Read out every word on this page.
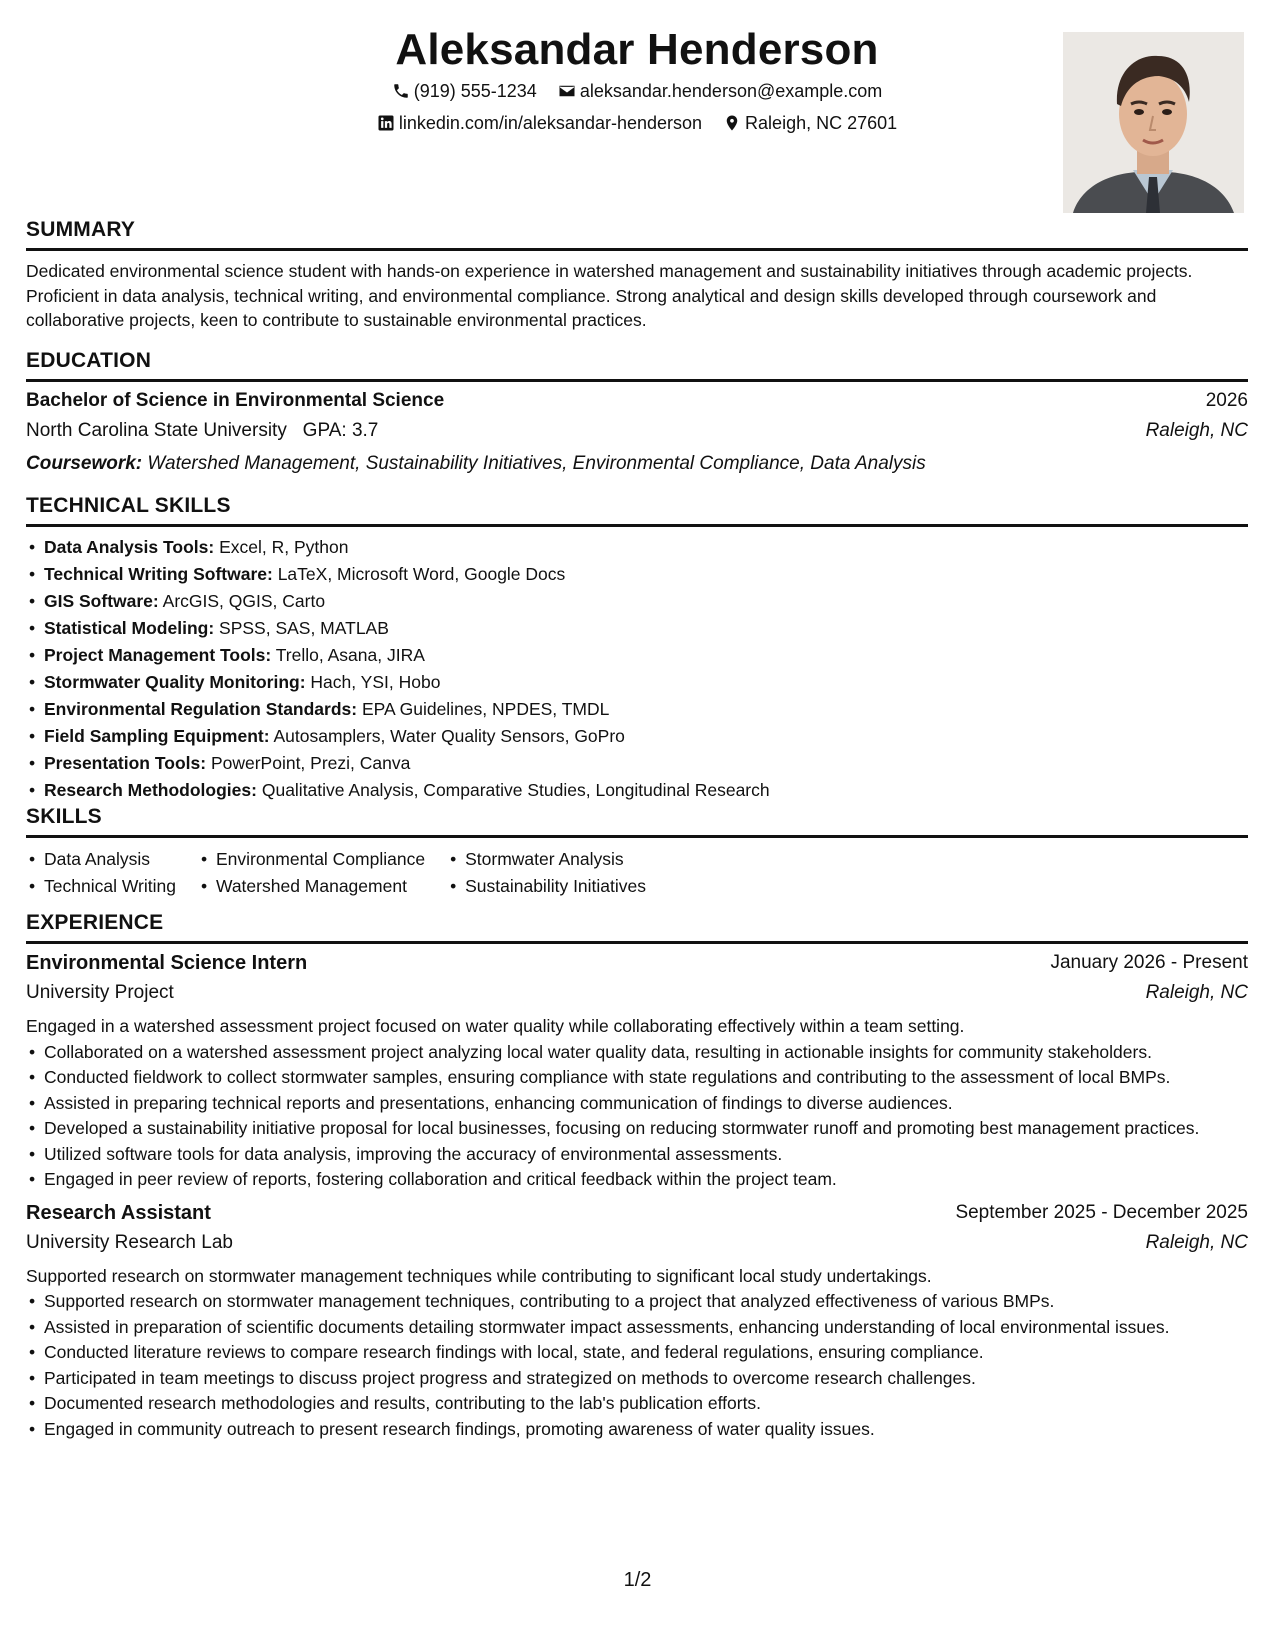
Aleksandar Henderson
(919) 555-1234
aleksandar.henderson@example.com
linkedin.com/in/aleksandar-henderson
Raleigh, NC 27601
SUMMARY
Dedicated environmental science student with hands-on experience in watershed management and sustainability initiatives through academic projects. Proficient in data analysis, technical writing, and environmental compliance. Strong analytical and design skills developed through coursework and collaborative projects, keen to contribute to sustainable environmental practices.
EDUCATION
Bachelor of Science in Environmental Science	2026
North Carolina State University GPA: 3.7	Raleigh, NC
Coursework: Watershed Management, Sustainability Initiatives, Environmental Compliance, Data Analysis
TECHNICAL SKILLS
• Data Analysis Tools: Excel, R, Python
• Technical Writing Software: LaTeX, Microsoft Word, Google Docs
• GIS Software: ArcGIS, QGIS, Carto
• Statistical Modeling: SPSS, SAS, MATLAB
• Project Management Tools: Trello, Asana, JIRA
• Stormwater Quality Monitoring: Hach, YSI, Hobo
• Environmental Regulation Standards: EPA Guidelines, NPDES, TMDL
• Field Sampling Equipment: Autosamplers, Water Quality Sensors, GoPro
• Presentation Tools: PowerPoint, Prezi, Canva
• Research Methodologies: Qualitative Analysis, Comparative Studies, Longitudinal Research
SKILLS
• Data Analysis
• Technical Writing
• Environmental Compliance
• Watershed Management
• Stormwater Analysis
• Sustainability Initiatives
EXPERIENCE
Environmental Science Intern	January 2026 - Present
University Project	Raleigh, NC
Engaged in a watershed assessment project focused on water quality while collaborating effectively within a team setting.
• Collaborated on a watershed assessment project analyzing local water quality data, resulting in actionable insights for community stakeholders.
• Conducted fieldwork to collect stormwater samples, ensuring compliance with state regulations and contributing to the assessment of local BMPs.
• Assisted in preparing technical reports and presentations, enhancing communication of findings to diverse audiences.
• Developed a sustainability initiative proposal for local businesses, focusing on reducing stormwater runoff and promoting best management practices.
• Utilized software tools for data analysis, improving the accuracy of environmental assessments.
• Engaged in peer review of reports, fostering collaboration and critical feedback within the project team.
Research Assistant	September 2025 - December 2025
University Research Lab	Raleigh, NC
Supported research on stormwater management techniques while contributing to significant local study undertakings.
• Supported research on stormwater management techniques, contributing to a project that analyzed effectiveness of various BMPs.
• Assisted in preparation of scientific documents detailing stormwater impact assessments, enhancing understanding of local environmental issues.
• Conducted literature reviews to compare research findings with local, state, and federal regulations, ensuring compliance.
• Participated in team meetings to discuss project progress and strategized on methods to overcome research challenges.
• Documented research methodologies and results, contributing to the lab's publication efforts.
• Engaged in community outreach to present research findings, promoting awareness of water quality issues.
1/2
